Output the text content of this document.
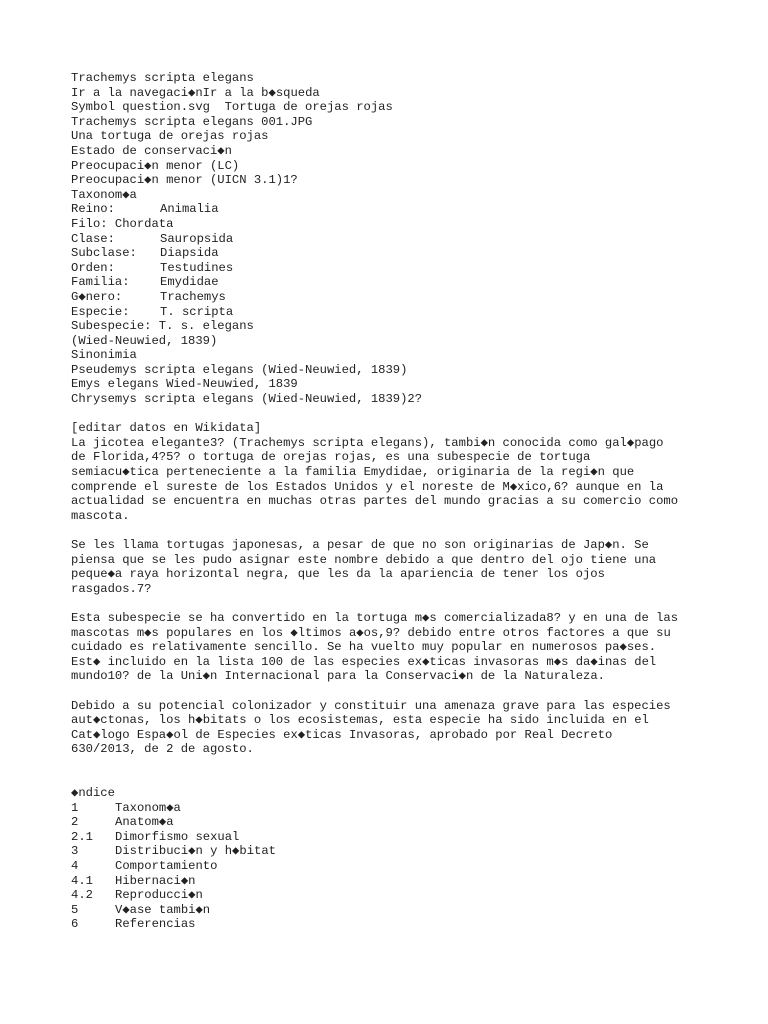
Trachemys scripta elegans
Ir a la navegaci◆nIr a la b◆squeda
Symbol question.svg  Tortuga de orejas rojas
Trachemys scripta elegans 001.JPG
Una tortuga de orejas rojas
Estado de conservaci◆n
Preocupaci◆n menor (LC)
Preocupaci◆n menor (UICN 3.1)1?
Taxonom◆a
Reino:	Animalia
Filo: Chordata
Clase:	Sauropsida
Subclase: Diapsida
Orden:	Testudines
Familia: Emydidae
G◆nero:	Trachemys
Especie: T. scripta
Subespecie: T. s. elegans
(Wied-Neuwied, 1839)
Sinonimia
Pseudemys scripta elegans (Wied-Neuwied, 1839)
Emys elegans Wied-Neuwied, 1839
Chrysemys scripta elegans (Wied-Neuwied, 1839)2?
[editar datos en Wikidata]
La jicotea elegante3? (Trachemys scripta elegans), tambi◆n conocida como gal◆pago
de Florida,4?5? o tortuga de orejas rojas, es una subespecie de tortuga
semiacu◆tica perteneciente a la familia Emydidae, originaria de la regi◆n que
comprende el sureste de los Estados Unidos y el noreste de M◆xico,6? aunque en la
actualidad se encuentra en muchas otras partes del mundo gracias a su comercio como
mascota.
Se les llama tortugas japonesas, a pesar de que no son originarias de Jap◆n. Se
piensa que se les pudo asignar este nombre debido a que dentro del ojo tiene una
peque◆a raya horizontal negra, que les da la apariencia de tener los ojos
rasgados.7?
Esta subespecie se ha convertido en la tortuga m◆s comercializada8? y en una de las
mascotas m◆s populares en los ◆ltimos a◆os,9? debido entre otros factores a que su
cuidado es relativamente sencillo. Se ha vuelto muy popular en numerosos pa◆ses.
Est◆ incluido en la lista 100 de las especies ex◆ticas invasoras m◆s da◆inas del
mundo10? de la Uni◆n Internacional para la Conservaci◆n de la Naturaleza.
Debido a su potencial colonizador y constituir una amenaza grave para las especies
aut◆ctonas, los h◆bitats o los ecosistemas, esta especie ha sido incluida en el
Cat◆logo Espa◆ol de Especies ex◆ticas Invasoras, aprobado por Real Decreto
630/2013, de 2 de agosto.
◆ndice
1	Taxonom◆a
2	Anatom◆a
2.1 Dimorfismo sexual
3	Distribuci◆n y h◆bitat
4	Comportamiento
4.1 Hibernaci◆n
4.2 Reproducci◆n
5	V◆ase tambi◆n
6	Referencias
